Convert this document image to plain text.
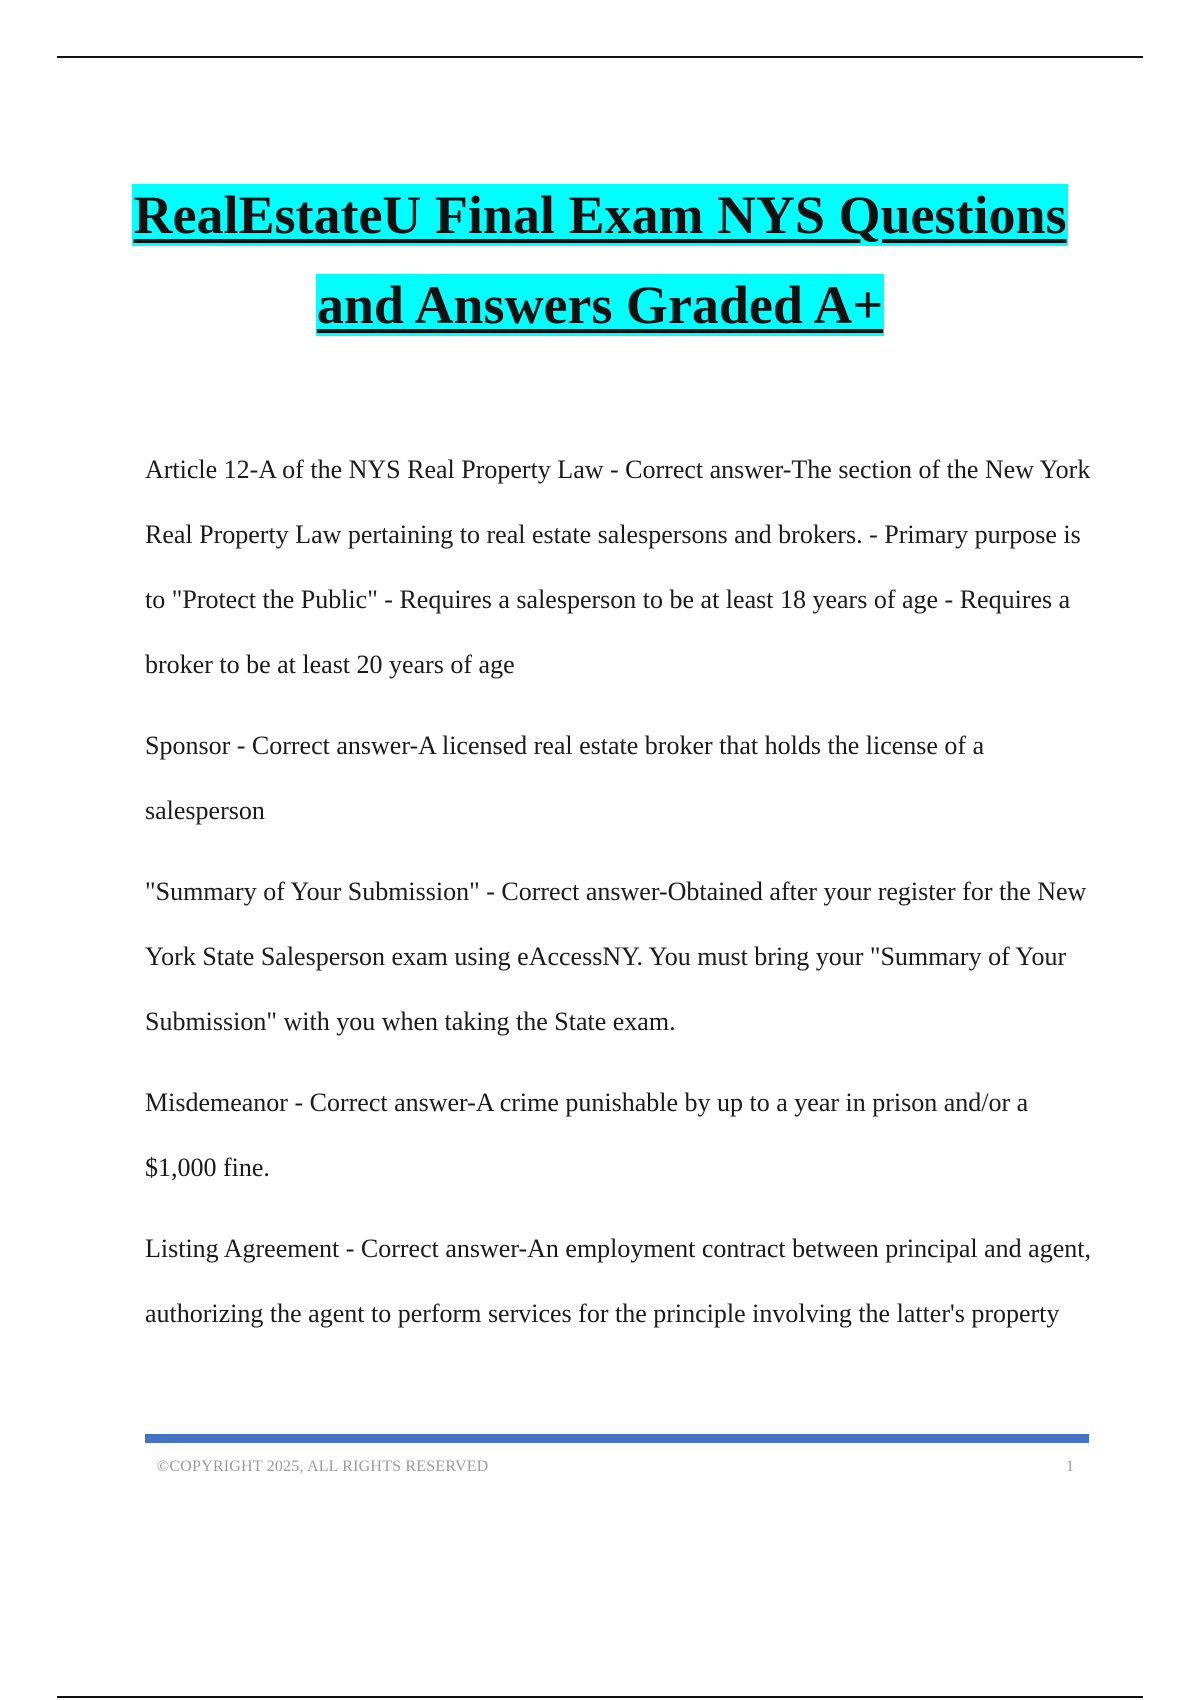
RealEstateU Final Exam NYS Questions
and Answers Graded A+

Article 12-A of the NYS Real Property Law - Correct answer-The section of the New York Real Property Law pertaining to real estate salespersons and brokers. - Primary purpose is to "Protect the Public" - Requires a salesperson to be at least 18 years of age - Requires a broker to be at least 20 years of age

Sponsor - Correct answer-A licensed real estate broker that holds the license of a salesperson

"Summary of Your Submission" - Correct answer-Obtained after your register for the New York State Salesperson exam using eAccessNY. You must bring your "Summary of Your Submission" with you when taking the State exam.

Misdemeanor - Correct answer-A crime punishable by up to a year in prison and/or a $1,000 fine.

Listing Agreement - Correct answer-An employment contract between principal and agent, authorizing the agent to perform services for the principle involving the latter's property

©COPYRIGHT 2025, ALL RIGHTS RESERVED	1
